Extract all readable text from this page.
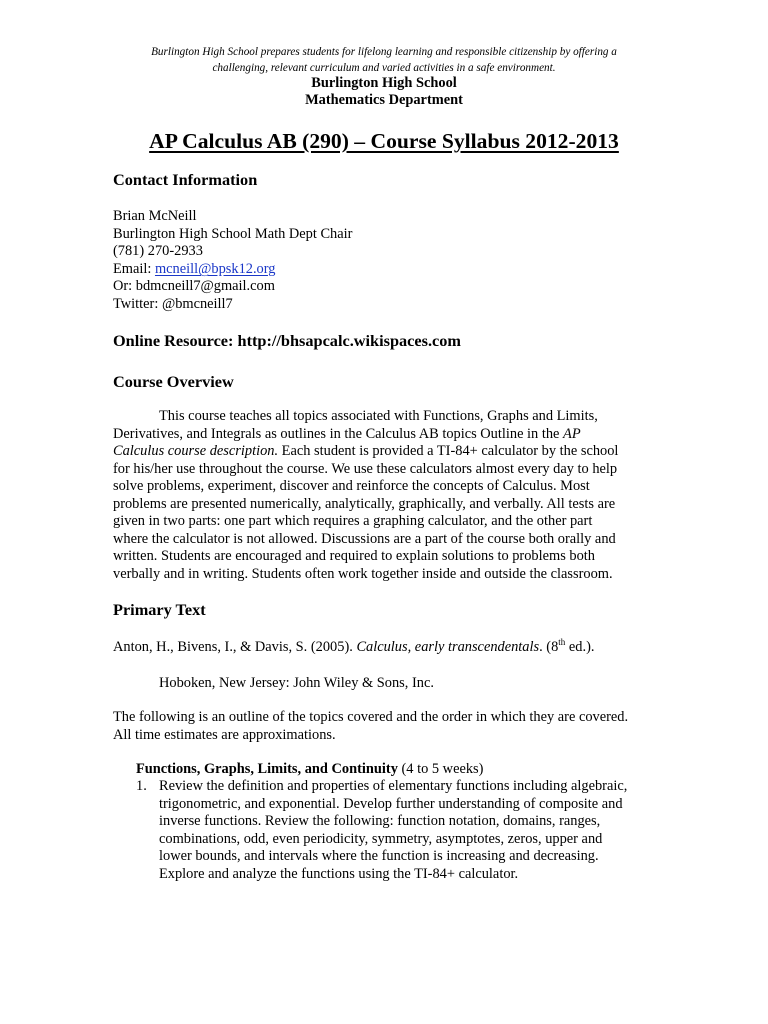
Burlington High School prepares students for lifelong learning and responsible citizenship by offering a
challenging, relevant curriculum and varied activities in a safe environment.
Burlington High School
Mathematics Department
AP Calculus AB (290) – Course Syllabus 2012-2013
Contact Information
Brian McNeill
Burlington High School Math Dept Chair
(781) 270-2933
Email: mcneill@bpsk12.org
Or: bdmcneill7@gmail.com
Twitter: @bmcneill7
Online Resource: http://bhsapcalc.wikispaces.com
Course Overview
This course teaches all topics associated with Functions, Graphs and Limits,
Derivatives, and Integrals as outlines in the Calculus AB topics Outline in the AP
Calculus course description. Each student is provided a TI-84+ calculator by the school
for his/her use throughout the course. We use these calculators almost every day to help
solve problems, experiment, discover and reinforce the concepts of Calculus. Most
problems are presented numerically, analytically, graphically, and verbally. All tests are
given in two parts: one part which requires a graphing calculator, and the other part
where the calculator is not allowed. Discussions are a part of the course both orally and
written. Students are encouraged and required to explain solutions to problems both
verbally and in writing. Students often work together inside and outside the classroom.
Primary Text
Anton, H., Bivens, I., & Davis, S. (2005). Calculus, early transcendentals. (8th ed.).
Hoboken, New Jersey: John Wiley & Sons, Inc.
The following is an outline of the topics covered and the order in which they are covered.
All time estimates are approximations.
Functions, Graphs, Limits, and Continuity (4 to 5 weeks)
1. Review the definition and properties of elementary functions including algebraic,
trigonometric, and exponential. Develop further understanding of composite and
inverse functions. Review the following: function notation, domains, ranges,
combinations, odd, even periodicity, symmetry, asymptotes, zeros, upper and
lower bounds, and intervals where the function is increasing and decreasing.
Explore and analyze the functions using the TI-84+ calculator.
